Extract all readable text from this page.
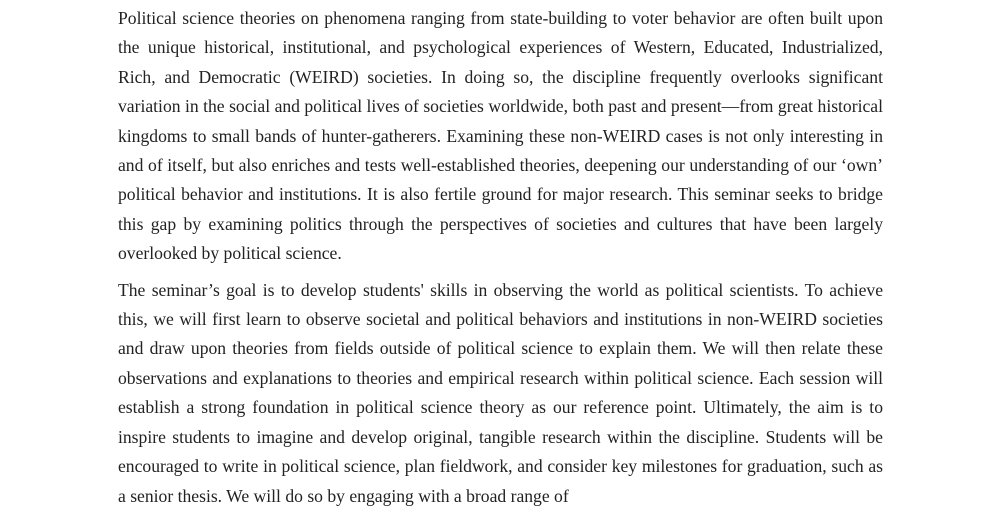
Political science theories on phenomena ranging from state-building to voter behavior are often built upon the unique historical, institutional, and psychological experiences of Western, Educated, Industrialized, Rich, and Democratic (WEIRD) societies. In doing so, the discipline frequently overlooks significant variation in the social and political lives of societies worldwide, both past and present—from great historical kingdoms to small bands of hunter-gatherers. Examining these non-WEIRD cases is not only interesting in and of itself, but also enriches and tests well-established theories, deepening our understanding of our ‘own’ political behavior and institutions. It is also fertile ground for major research. This seminar seeks to bridge this gap by examining politics through the perspectives of societies and cultures that have been largely overlooked by political science.

The seminar’s goal is to develop students' skills in observing the world as political scientists. To achieve this, we will first learn to observe societal and political behaviors and institutions in non-WEIRD societies and draw upon theories from fields outside of political science to explain them. We will then relate these observations and explanations to theories and empirical research within political science. Each session will establish a strong foundation in political science theory as our reference point. Ultimately, the aim is to inspire students to imagine and develop original, tangible research within the discipline. Students will be encouraged to write in political science, plan fieldwork, and consider key milestones for graduation, such as a senior thesis. We will do so by engaging with a broad range of
